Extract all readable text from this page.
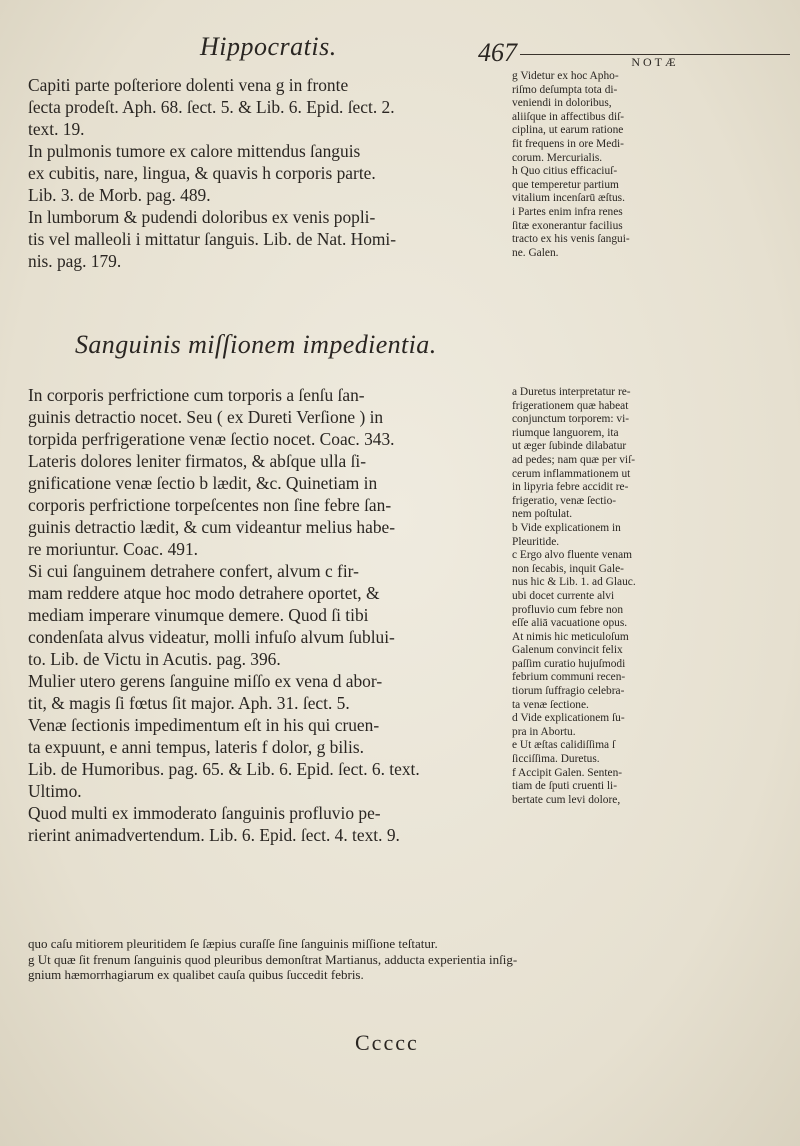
Hippocratis.	467	NOTÆ
Capiti parte poſteriore dolenti vena g in fronte
ſecta prodeſt. Aph. 68. ſect. 5. & Lib. 6. Epid. ſect. 2.
text. 19.
In pulmonis tumore ex calore mittendus ſanguis
ex cubitis, nare, lingua, & quavis h corporis parte.
Lib. 3. de Morb. pag. 489.
In lumborum & pudendi doloribus ex venis popli-
tis vel malleoli i mittatur ſanguis. Lib. de Nat. Homi-
nis. pag. 179.
g Videtur ex hoc Apho-
riſmo deſumpta tota di-
veniendi in doloribus,
aliiſque in affectibus diſ-
ciplina, ut earum ratione
fit frequens in ore Medi-
corum. Mercurialis.
h Quo citius efficaciuſ-
que temperetur partium
vitalium incenſarū æſtus.
i Partes enim infra renes
ſitæ exonerantur facilius
tracto ex his venis ſangui-
ne. Galen.
Sanguinis miſſionem impedientia.
In corporis perfrictione cum torporis a ſenſu ſan-
guinis detractio nocet. Seu ( ex Dureti Verſione ) in
torpida perfrigeratione venæ ſectio nocet. Coac. 343.
Lateris dolores leniter firmatos, & abſque ulla ſi-
gnificatione venæ ſectio b lædit, &c. Quinetiam in
corporis perfrictione torpeſcentes non ſine febre ſan-
guinis detractio lædit, & cum videantur melius habe-
re moriuntur. Coac. 491.
Si cui ſanguinem detrahere confert, alvum c fir-
mam reddere atque hoc modo detrahere oportet, &
mediam imperare vinumque demere. Quod ſi tibi
condenſata alvus videatur, molli infuſo alvum ſublui-
to. Lib. de Victu in Acutis. pag. 396.
Mulier utero gerens ſanguine miſſo ex vena d abor-
tit, & magis ſi fœtus ſit major. Aph. 31. ſect. 5.
Venæ ſectionis impedimentum eſt in his qui cruen-
ta expuunt, e anni tempus, lateris f dolor, g bilis.
Lib. de Humoribus. pag. 65. & Lib. 6. Epid. ſect. 6. text.
Ultimo.
Quod multi ex immoderato ſanguinis profluvio pe-
rierint animadvertendum. Lib. 6. Epid. ſect. 4. text. 9.
a Duretus interpretatur re-
frigerationem quæ habeat
conjunctum torporem: vi-
riumque languorem, ita
ut æger ſubinde dilabatur
ad pedes; nam quæ per viſ-
cerum inflammationem ut
in lipyria febre accidit re-
frigeratio, venæ ſectio-
nem poſtulat.
b Vide explicationem in
Pleuritide.
c Ergo alvo fluente venam
non ſecabis, inquit Gale-
nus hic & Lib. 1. ad Glauc.
ubi docet currente alvi
profluvio cum febre non
eſſe aliā vacuatione opus.
At nimis hic meticuloſum
Galenum convincit felix
paſſim curatio hujuſmodi
febrium communi recen-
tiorum ſuffragio celebra-
ta venæ ſectione.
d Vide explicationem ſu-
pra in Abortu.
e Ut æſtas calidiſſima ſ
ſicciſſima. Duretus.
f Accipit Galen. Senten-
tiam de ſputi cruenti li-
bertate cum levi dolore,
quo caſu mitiorem pleuritidem ſe ſæpius curaſſe ſine ſanguinis miſſione teſtatur.
g Ut quæ ſit frenum ſanguinis quod pleuribus demonſtrat Martianus, adducta experientia inſig-
gnium hæmorrhagiarum ex qualibet cauſa quibus ſuccedit febris.
Ccccc
